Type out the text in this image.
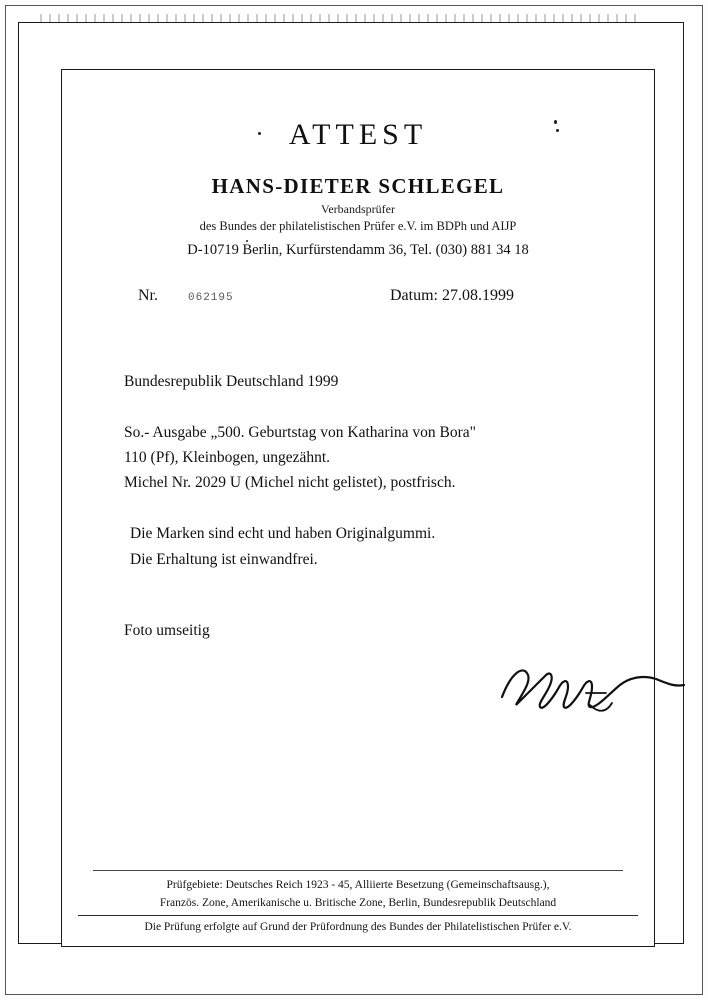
ATTEST
HANS-DIETER SCHLEGEL
Verbandsprüfer
des Bundes der philatelistischen Prüfer e.V. im BDPh und AIJP
D-10719 Berlin, Kurfürstendamm 36, Tel. (030) 881 34 18
Nr.	062195	Datum: 27.08.1999

Bundesrepublik Deutschland 1999

So.- Ausgabe „500. Geburtstag von Katharina von Bora"
110 (Pf), Kleinbogen, ungezähnt.
Michel Nr. 2029 U (Michel nicht gelistet), postfrisch.

Die Marken sind echt und haben Originalgummi.
Die Erhaltung ist einwandfrei.

Foto umseitig

Prüfgebiete: Deutsches Reich 1923 - 45, Alliierte Besetzung (Gemeinschaftsausg.),
Französ. Zone, Amerikanische u. Britische Zone, Berlin, Bundesrepublik Deutschland
Die Prüfung erfolgte auf Grund der Prüfordnung des Bundes der Philatelistischen Prüfer e.V.
